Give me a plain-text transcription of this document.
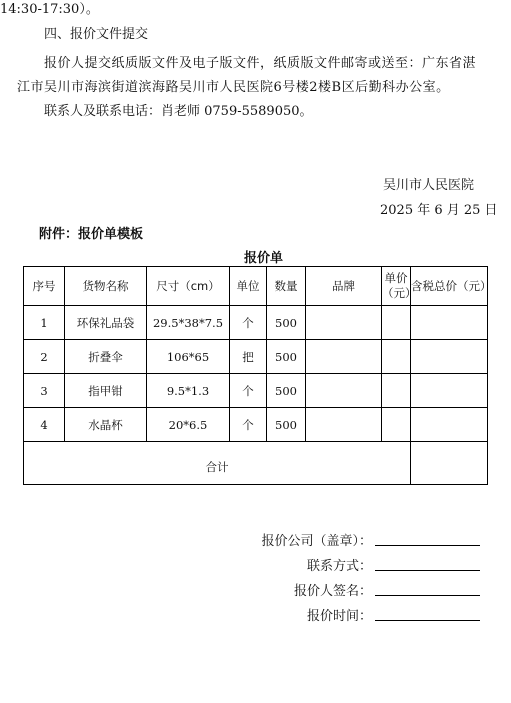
14:30-17:30）。
四、报价文件提交
报价人提交纸质版文件及电子版文件，纸质版文件邮寄或送至：广东省湛
江市吴川市海滨街道滨海路吴川市人民医院6号楼2楼B区后勤科办公室。
联系人及联系电话：肖老师 0759-5589050。
吴川市人民医院
2025 年 6 月 25 日
附件：报价单模板
报价单
序号	货物名称	尺寸（cm）	单位	数量	品牌	单价（元）	含税总价（元）
1	环保礼品袋	29.5*38*7.5	个	500			
2	折叠伞	106*65	把	500			
3	指甲钳	9.5*1.3	个	500			
4	水晶杯	20*6.5	个	500			
合计							
报价公司（盖章）：
联系方式：
报价人签名：
报价时间：
